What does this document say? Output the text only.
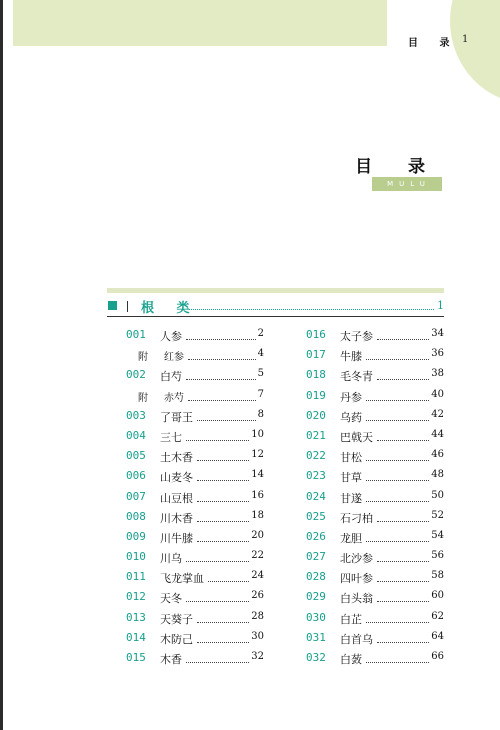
目 录 1
目 录
MULU
根 类	1
001 人参	2
附 红参	4
002 白芍	5
附 赤芍	7
003 了哥王	8
004 三七	10
005 土木香	12
006 山麦冬	14
007 山豆根	16
008 川木香	18
009 川牛膝	20
010 川乌	22
011 飞龙掌血	24
012 天冬	26
013 天葵子	28
014 木防己	30
015 木香	32
016 太子参	34
017 牛膝	36
018 毛冬青	38
019 丹参	40
020 乌药	42
021 巴戟天	44
022 甘松	46
023 甘草	48
024 甘遂	50
025 石刁柏	52
026 龙胆	54
027 北沙参	56
028 四叶参	58
029 白头翁	60
030 白芷	62
031 白首乌	64
032 白蔹	66
